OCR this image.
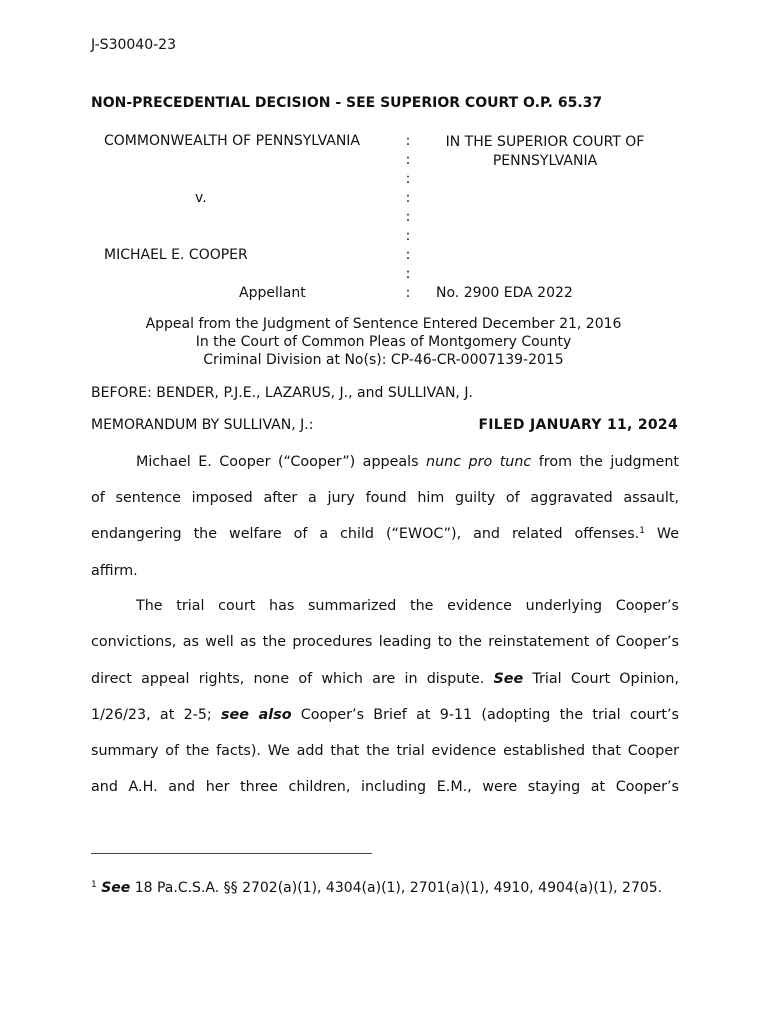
J-S30040-23
NON-PRECEDENTIAL DECISION - SEE SUPERIOR COURT O.P. 65.37
COMMONWEALTH OF PENNSYLVANIA
v.
MICHAEL E. COOPER
Appellant
:
:
:
:
:
:
:
:
:
IN THE SUPERIOR COURT OF
PENNSYLVANIA
No. 2900 EDA 2022
Appeal from the Judgment of Sentence Entered December 21, 2016
In the Court of Common Pleas of Montgomery County
Criminal Division at No(s): CP-46-CR-0007139-2015
BEFORE: BENDER, P.J.E., LAZARUS, J., and SULLIVAN, J.
MEMORANDUM BY SULLIVAN, J.:	FILED JANUARY 11, 2024
Michael E. Cooper (“Cooper”) appeals nunc pro tunc from the judgment
of sentence imposed after a jury found him guilty of aggravated assault,
endangering the welfare of a child (“EWOC”), and related offenses.$^1$ We
affirm.
The trial court has summarized the evidence underlying Cooper’s
convictions, as well as the procedures leading to the reinstatement of Cooper’s
direct appeal rights, none of which are in dispute. See Trial Court Opinion,
1/26/23, at 2-5; see also Cooper’s Brief at 9-11 (adopting the trial court’s
summary of the facts). We add that the trial evidence established that Cooper
and A.H. and her three children, including E.M., were staying at Cooper’s
$^1$ See 18 Pa.C.S.A. §§ 2702(a)(1), 4304(a)(1), 2701(a)(1), 4910, 4904(a)(1), 2705.
